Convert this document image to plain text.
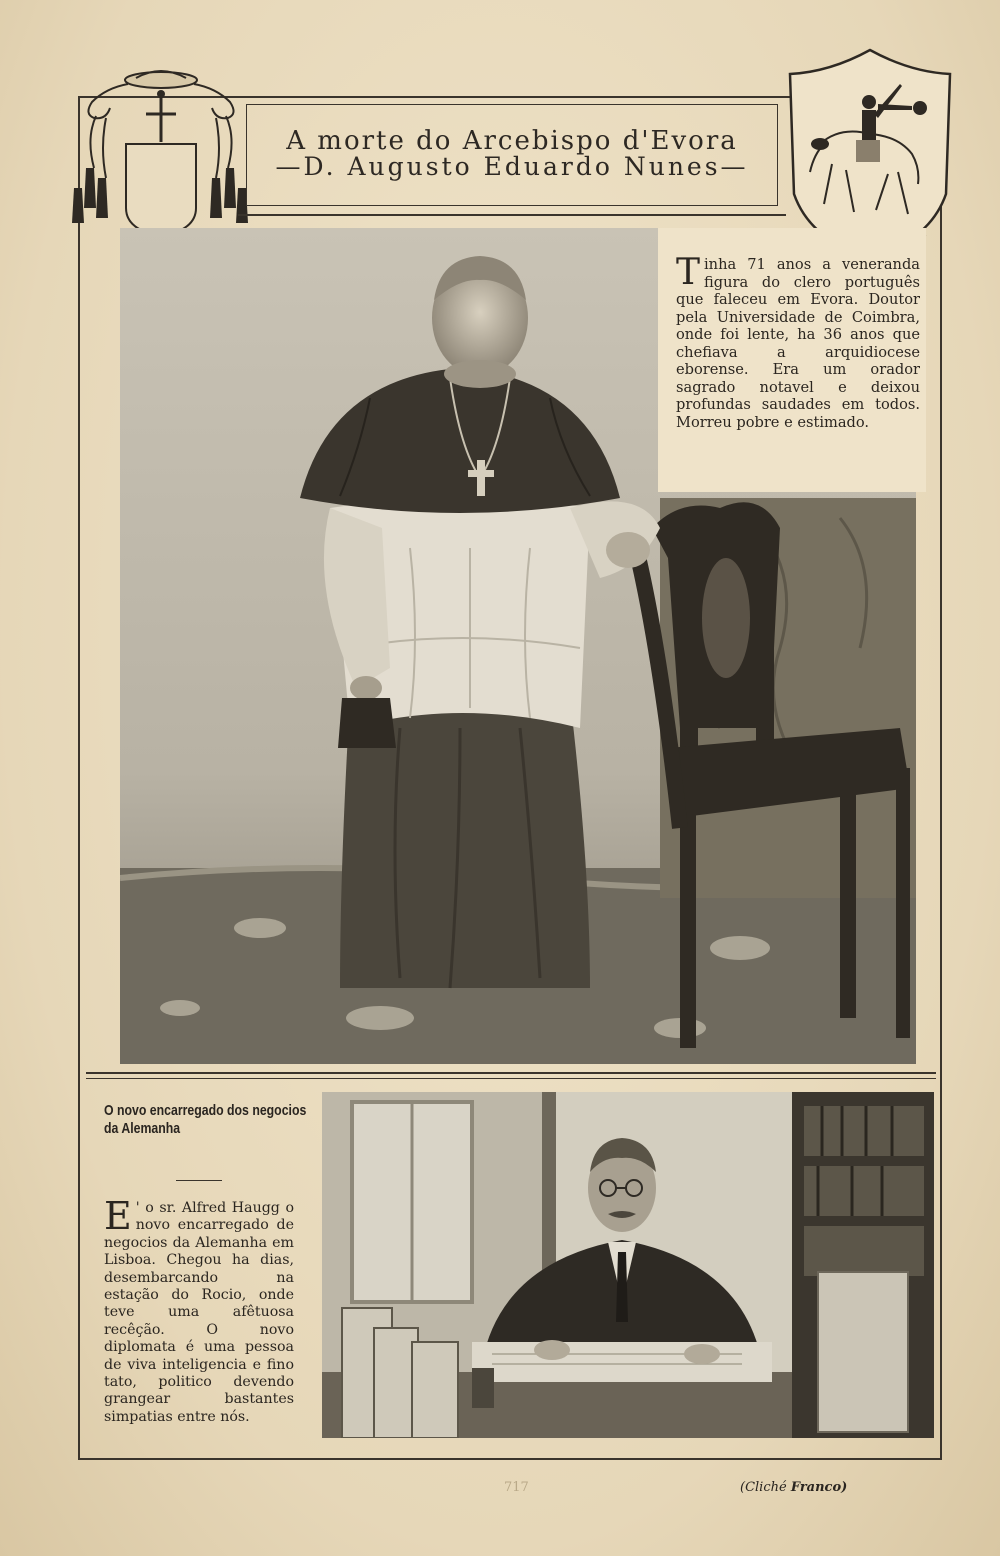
A morte do Arcebispo d'Evora
—D. Augusto Eduardo Nunes—
Tinha 71 anos a veneranda figura do clero português que faleceu em Evora. Doutor pela Universidade de Coimbra, onde foi lente, ha 36 anos que chefiava a arquidiocese eborense. Era um orador sagrado notavel e deixou profundas saudades em todos. Morreu pobre e estimado.
O novo encarregado dos negocios da Alemanha
E ' o sr. Alfred Haugg o novo encarregado de negocios da Alemanha em Lisboa. Chegou ha dias, desembarcando na estação do Rocio, onde teve uma afêtuosa recêção. O novo diplomata é uma pessoa de viva inteligencia e fino tato, politico devendo grangear bastantes simpatias entre nós.
717	(Cliché Franco)
